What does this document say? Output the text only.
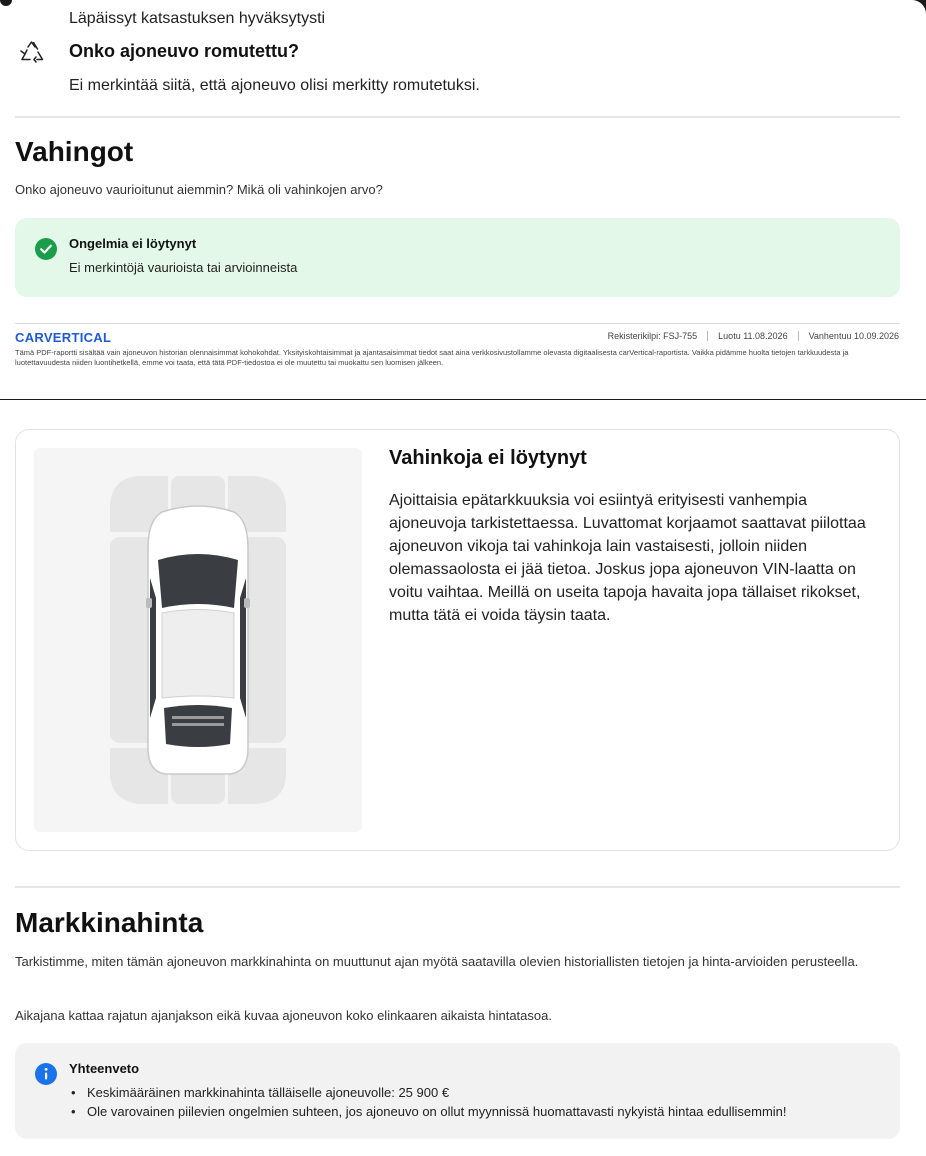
Läpäissyt katsastuksen hyväksytysti
Onko ajoneuvo romutettu?
Ei merkintää siitä, että ajoneuvo olisi merkitty romutetuksi.
Vahingot
Onko ajoneuvo vaurioitunut aiemmin? Mikä oli vahinkojen arvo?
Ongelmia ei löytynyt
Ei merkintöjä vaurioista tai arvioinneista
CARVERTICAL	Rekisterikilpi: FSJ-755	Luotu 11.08.2026	Vanhentuu 10.09.2026
Tämä PDF-raportti sisältää vain ajoneuvon historian olennaisimmat kohokohdat. Yksityiskohtaisimmat ja ajantasaisimmat tiedot saat aina verkkosivustollamme olevasta digitaalisesta carVertical-raportista. Vaikka pidämme huolta tietojen tarkkuudesta ja luotettavuudesta niiden luontihetkellä, emme voi taata, että tätä PDF-tiedostoa ei ole muutettu tai muokattu sen luomisen jälkeen.
Vahinkoja ei löytynyt
Ajoittaisia epätarkkuuksia voi esiintyä erityisesti vanhempia ajoneuvoja tarkistettaessa. Luvattomat korjaamot saattavat piilottaa ajoneuvon vikoja tai vahinkoja lain vastaisesti, jolloin niiden olemassaolosta ei jää tietoa. Joskus jopa ajoneuvon VIN-laatta on voitu vaihtaa. Meillä on useita tapoja havaita jopa tällaiset rikokset, mutta tätä ei voida täysin taata.
Markkinahinta
Tarkistimme, miten tämän ajoneuvon markkinahinta on muuttunut ajan myötä saatavilla olevien historiallisten tietojen ja hinta-arvioiden perusteella.
Aikajana kattaa rajatun ajanjakson eikä kuvaa ajoneuvon koko elinkaaren aikaista hintatasoa.
Yhteenveto
• Keskimääräinen markkinahinta tälläiselle ajoneuvolle: 25 900 €
• Ole varovainen piilevien ongelmien suhteen, jos ajoneuvo on ollut myynnissä huomattavasti nykyistä hintaa edullisemmin!
